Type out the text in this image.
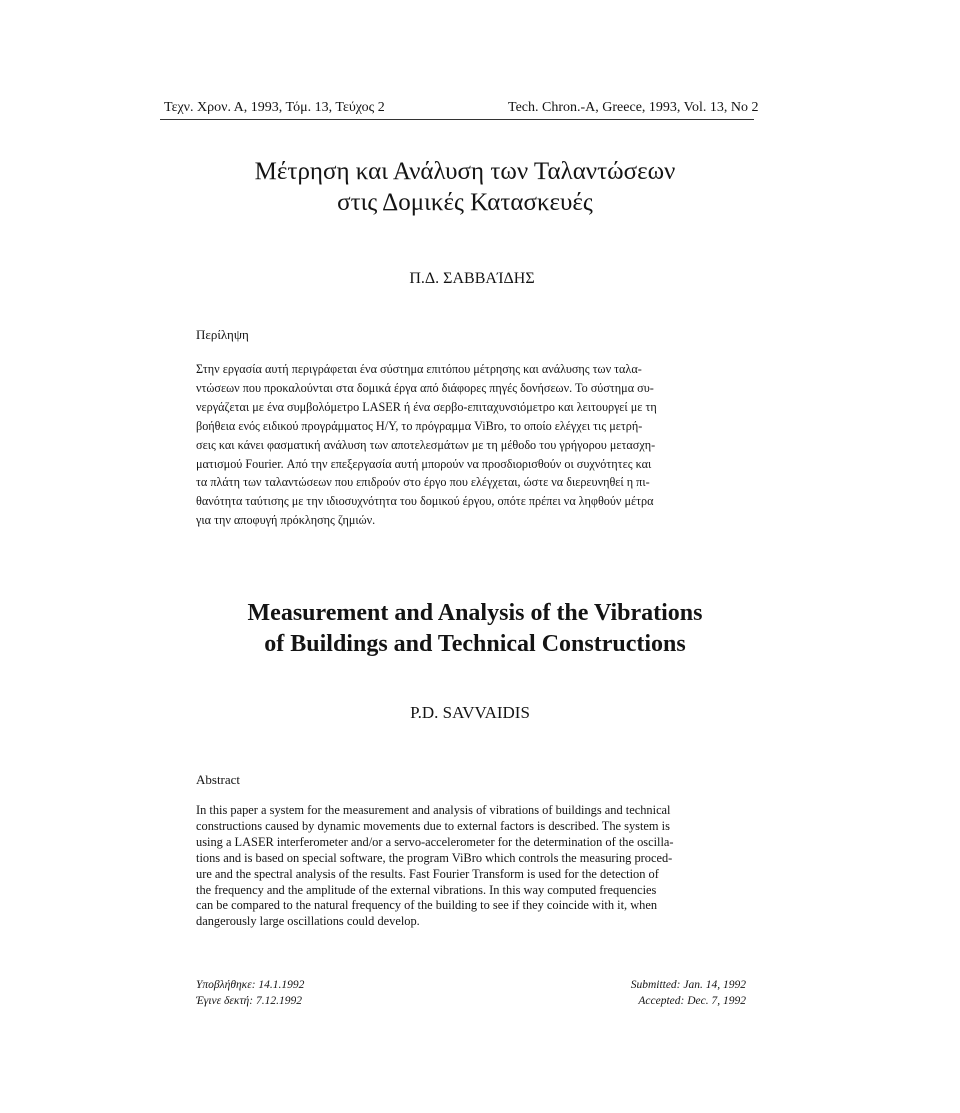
Τεχν. Χρον. Α, 1993, Τόμ. 13, Τεύχος 2	Tech. Chron.-A, Greece, 1993, Vol. 13, No 2
Μέτρηση και Ανάλυση των Ταλαντώσεων
στις Δομικές Κατασκευές
Π.Δ. ΣΑΒΒΑΊΔΗΣ
Περίληψη
Στην εργασία αυτή περιγράφεται ένα σύστημα επιτόπου μέτρησης και ανάλυσης των ταλα-
ντώσεων που προκαλούνται στα δομικά έργα από διάφορες πηγές δονήσεων. Το σύστημα συ-
νεργάζεται με ένα συμβολόμετρο LASER ή ένα σερβο-επιταχυνσιόμετρο και λειτουργεί με τη
βοήθεια ενός ειδικού προγράμματος Η/Υ, το πρόγραμμα ViBro, το οποίο ελέγχει τις μετρή-
σεις και κάνει φασματική ανάλυση των αποτελεσμάτων με τη μέθοδο του γρήγορου μετασχη-
ματισμού Fourier. Από την επεξεργασία αυτή μπορούν να προσδιορισθούν οι συχνότητες και
τα πλάτη των ταλαντώσεων που επιδρούν στο έργο που ελέγχεται, ώστε να διερευνηθεί η πι-
θανότητα ταύτισης με την ιδιοσυχνότητα του δομικού έργου, οπότε πρέπει να ληφθούν μέτρα
για την αποφυγή πρόκλησης ζημιών.
Measurement and Analysis of the Vibrations
of Buildings and Technical Constructions
P.D. SAVVAIDIS
Abstract
In this paper a system for the measurement and analysis of vibrations of buildings and technical
constructions caused by dynamic movements due to external factors is described. The system is
using a LASER interferometer and/or a servo-accelerometer for the determination of the oscilla-
tions and is based on special software, the program ViBro which controls the measuring proced-
ure and the spectral analysis of the results. Fast Fourier Transform is used for the detection of
the frequency and the amplitude of the external vibrations. In this way computed frequencies
can be compared to the natural frequency of the building to see if they coincide with it, when
dangerously large oscillations could develop.
Υποβλήθηκε: 14.1.1992
Έγινε δεκτή: 7.12.1992
Submitted: Jan. 14, 1992
Accepted: Dec. 7, 1992
